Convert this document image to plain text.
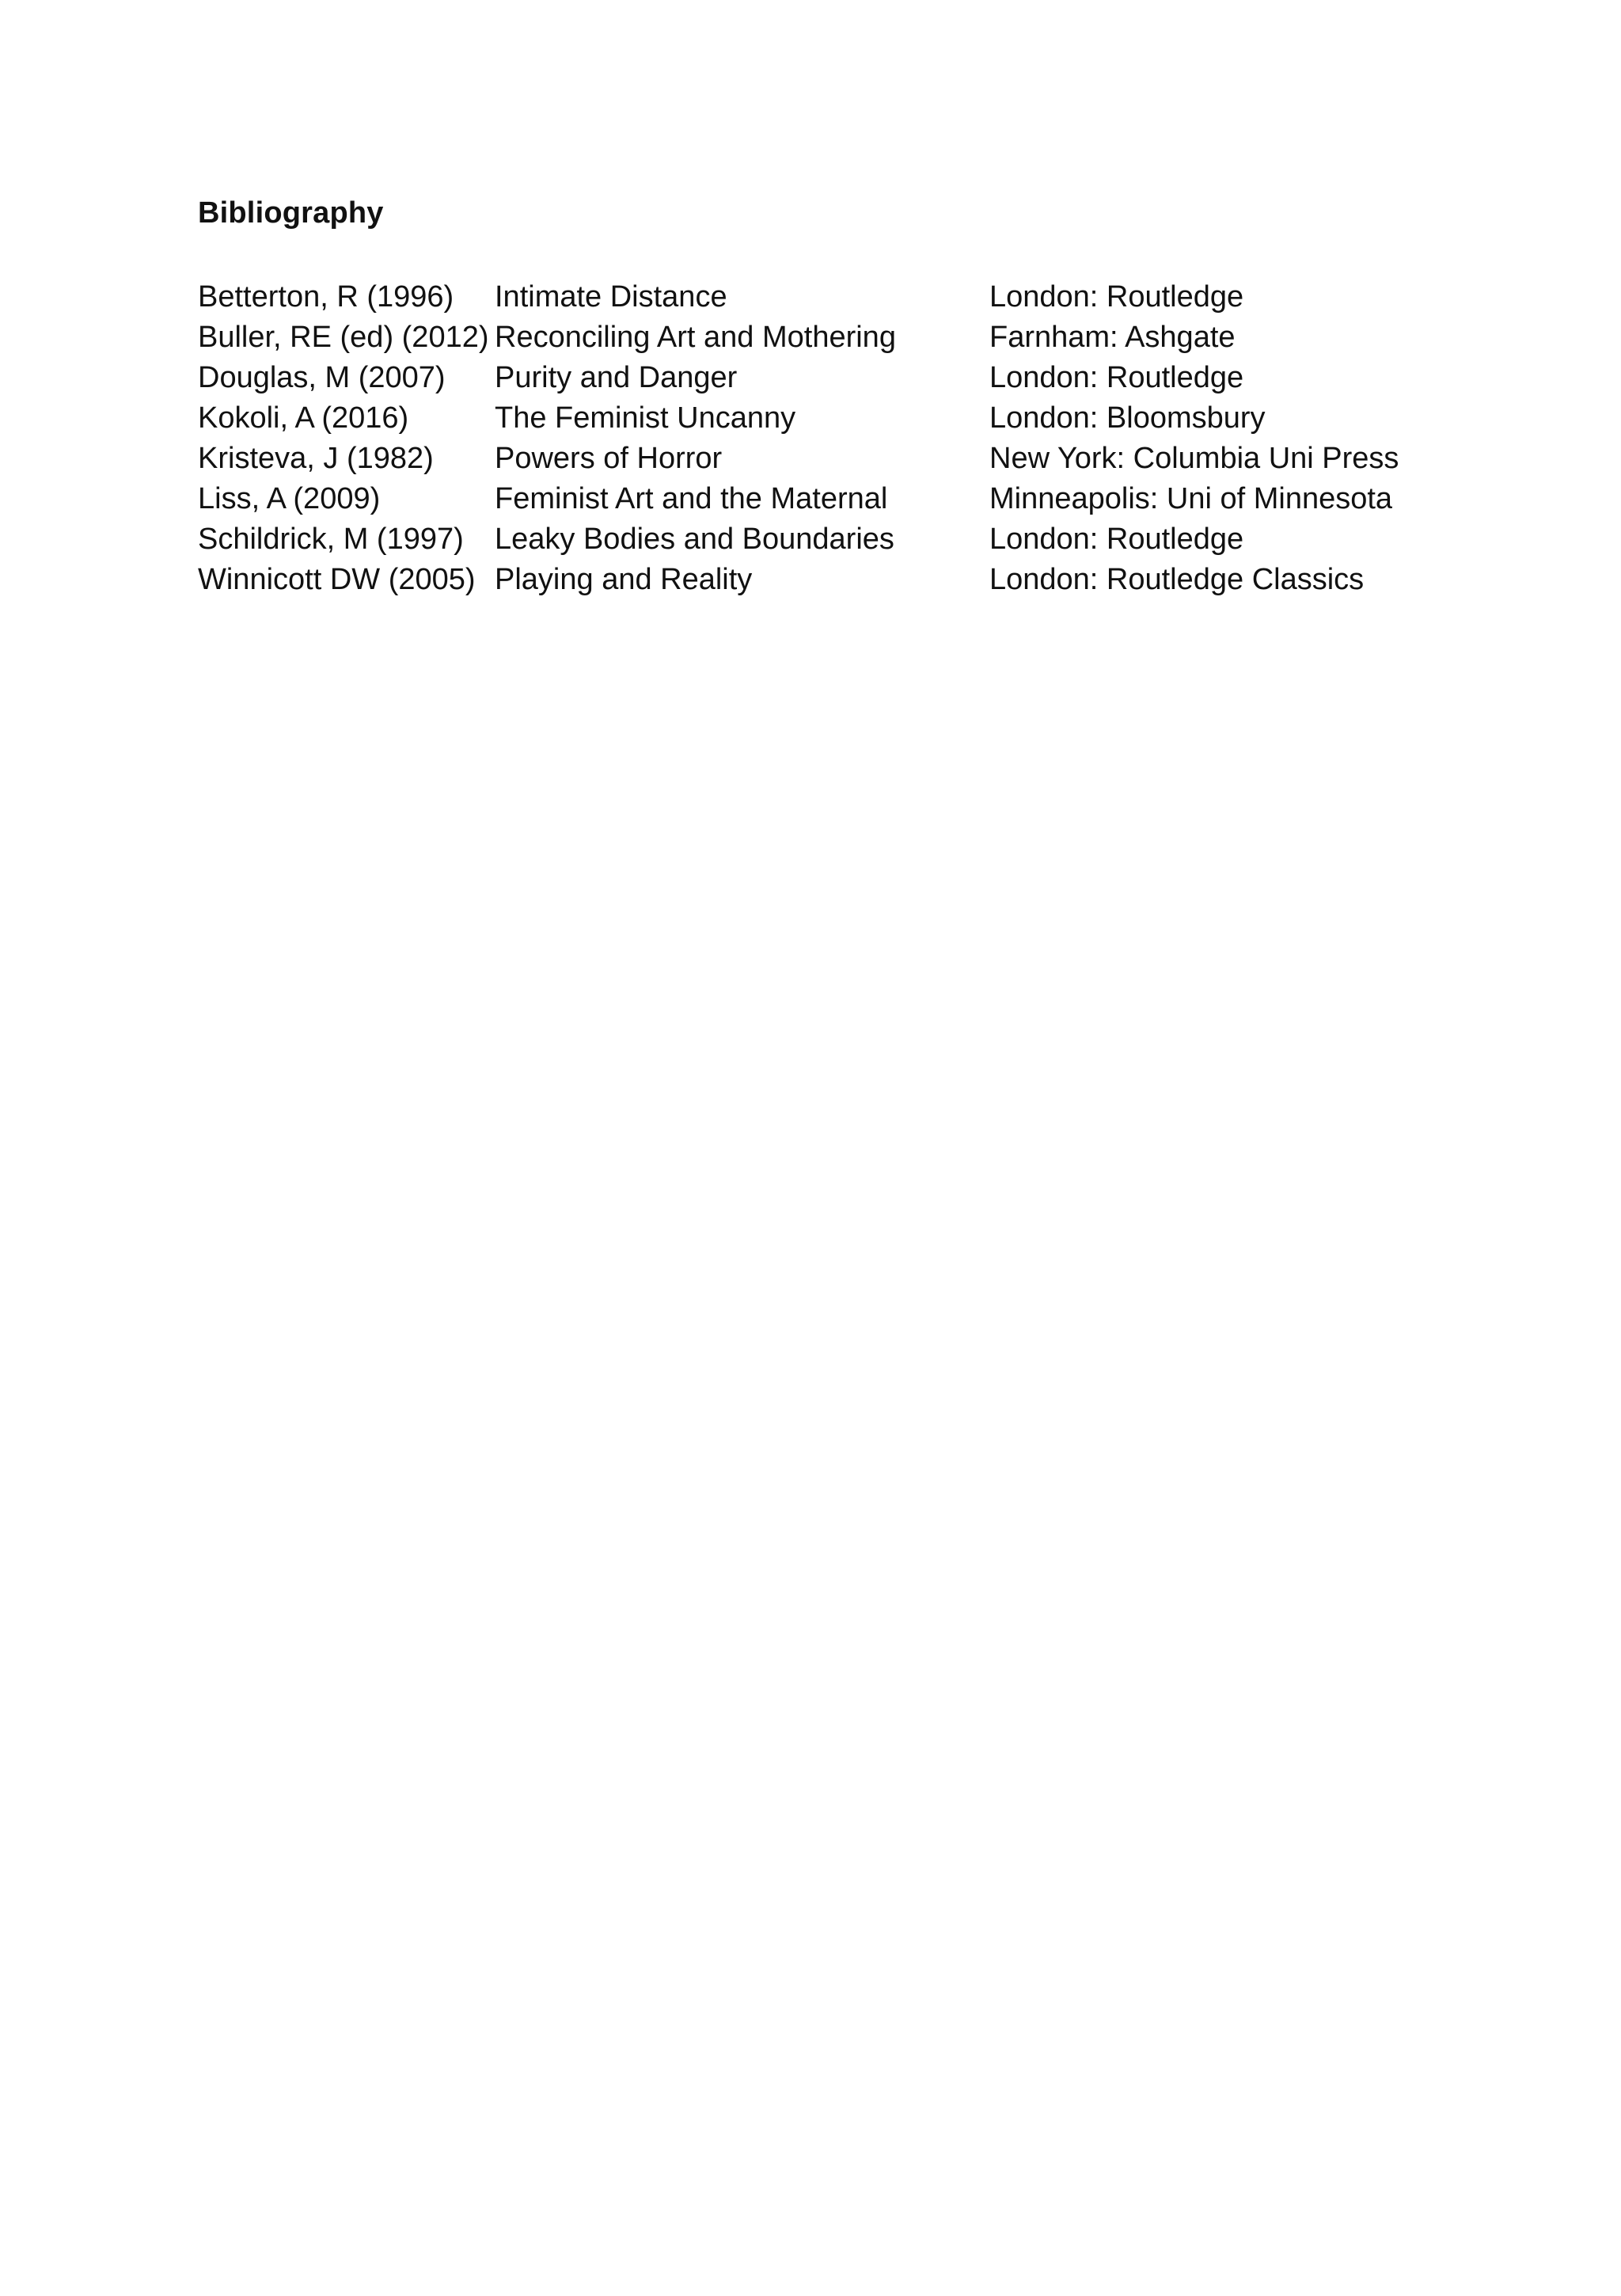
Bibliography
Betterton, R (1996)	Intimate Distance	London: Routledge
Buller, RE (ed) (2012) Reconciling Art and Mothering	Farnham: Ashgate
Douglas, M (2007)	Purity and Danger	London: Routledge
Kokoli, A (2016)	The Feminist Uncanny	London: Bloomsbury
Kristeva, J (1982)	Powers of Horror	New York: Columbia Uni Press
Liss, A (2009)	Feminist Art and the Maternal	Minneapolis: Uni of Minnesota
Schildrick, M (1997)	Leaky Bodies and Boundaries	London: Routledge
Winnicott DW (2005) Playing and Reality	London: Routledge Classics
